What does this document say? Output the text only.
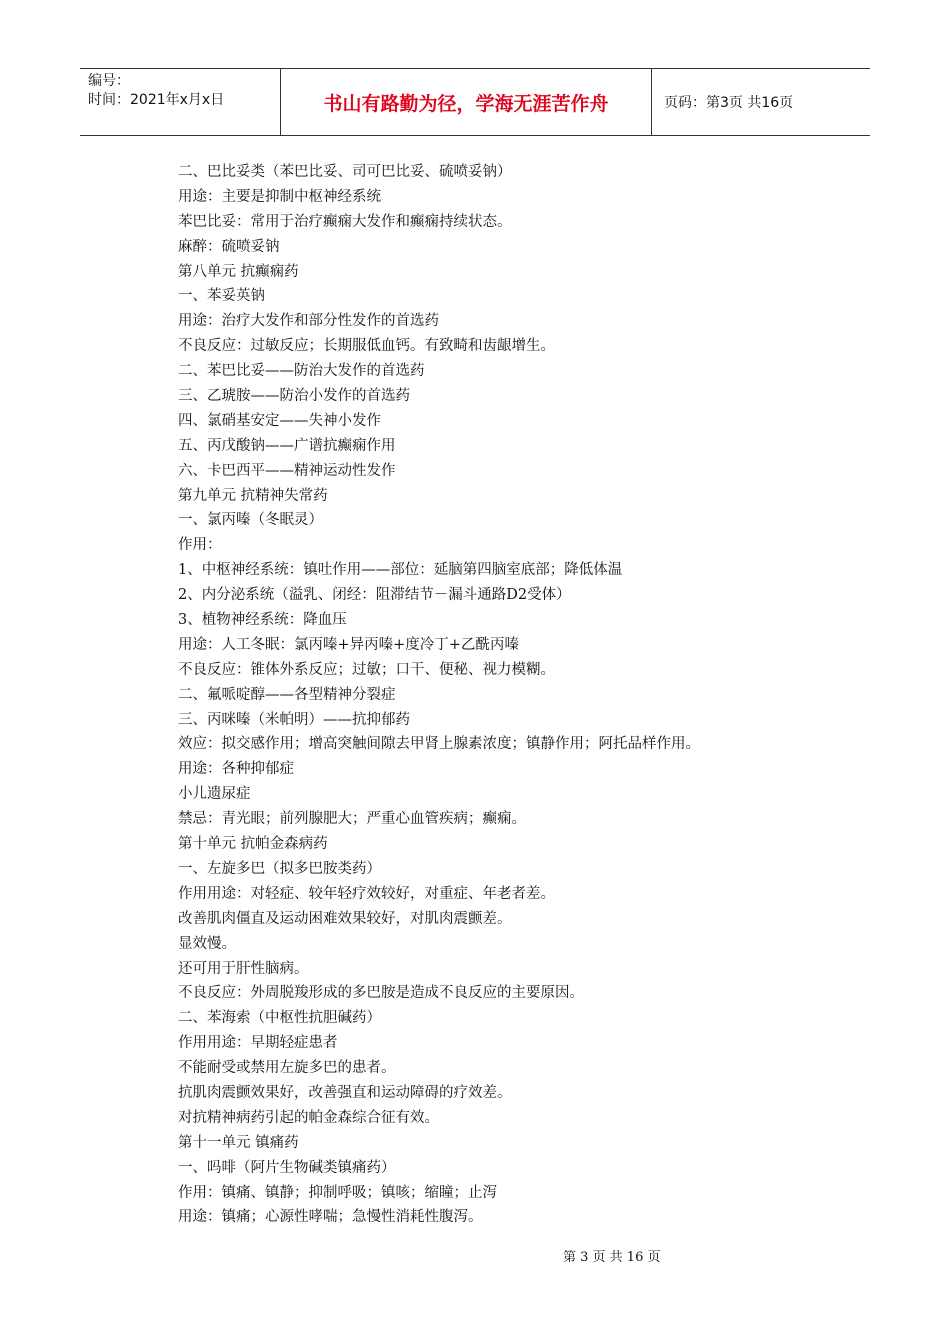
编号：
时间：2021年x月x日	书山有路勤为径，学海无涯苦作舟	页码：第3页 共16页
二、巴比妥类（苯巴比妥、司可巴比妥、硫喷妥钠）
用途：主要是抑制中枢神经系统
苯巴比妥：常用于治疗癫痫大发作和癫痫持续状态。
麻醉：硫喷妥钠
第八单元 抗癫痫药
一、苯妥英钠
用途：治疗大发作和部分性发作的首选药
不良反应：过敏反应；长期服低血钙。有致畸和齿龈增生。
二、苯巴比妥——防治大发作的首选药
三、乙琥胺——防治小发作的首选药
四、氯硝基安定——失神小发作
五、丙戊酸钠——广谱抗癫痫作用
六、卡巴西平——精神运动性发作
第九单元 抗精神失常药
一、氯丙嗪（冬眠灵）
作用：
1、中枢神经系统：镇吐作用——部位：延脑第四脑室底部；降低体温
2、内分泌系统（溢乳、闭经：阻滞结节－漏斗通路D2受体）
3、植物神经系统：降血压
用途：人工冬眠：氯丙嗪+异丙嗪+度冷丁+乙酰丙嗪
不良反应：锥体外系反应；过敏；口干、便秘、视力模糊。
二、氟哌啶醇——各型精神分裂症
三、丙咪嗪（米帕明）——抗抑郁药
效应：拟交感作用；增高突触间隙去甲肾上腺素浓度；镇静作用；阿托品样作用。
用途：各种抑郁症
小儿遗尿症
禁忌：青光眼；前列腺肥大；严重心血管疾病；癫痫。
第十单元 抗帕金森病药
一、左旋多巴（拟多巴胺类药）
作用用途：对轻症、较年轻疗效较好，对重症、年老者差。
改善肌肉僵直及运动困难效果较好，对肌肉震颤差。
显效慢。
还可用于肝性脑病。
不良反应：外周脱羧形成的多巴胺是造成不良反应的主要原因。
二、苯海索（中枢性抗胆碱药）
作用用途：早期轻症患者
不能耐受或禁用左旋多巴的患者。
抗肌肉震颤效果好，改善强直和运动障碍的疗效差。
对抗精神病药引起的帕金森综合征有效。
第十一单元 镇痛药
一、吗啡（阿片生物碱类镇痛药）
作用：镇痛、镇静；抑制呼吸；镇咳；缩瞳；止泻
用途：镇痛；心源性哮喘；急慢性消耗性腹泻。
第 3 页 共 16 页
